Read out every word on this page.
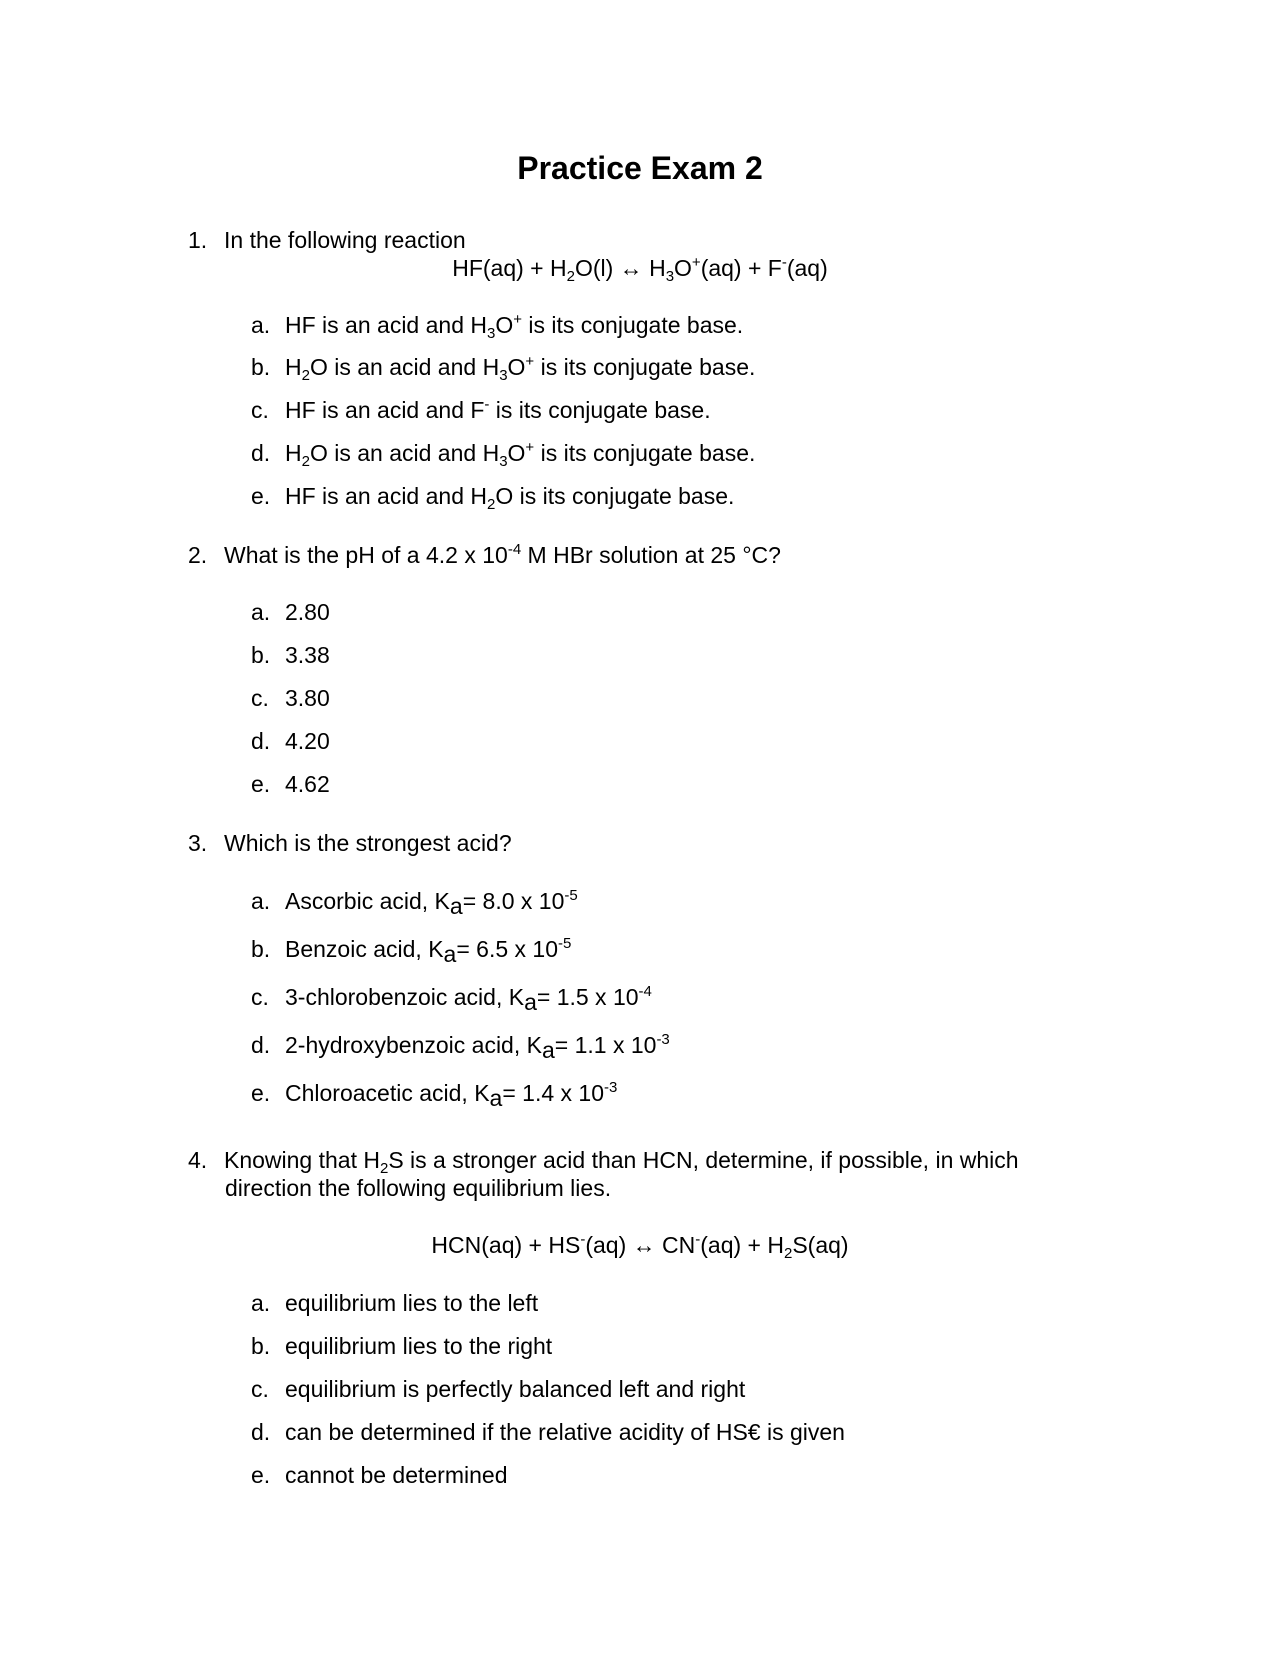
Practice Exam 2
1. In the following reaction
$HF(aq) + H_2O(l)$ ↔ $H_3O^+(aq) + F^-(aq)$
a. HF is an acid and $H_3O^+$ is its conjugate base.
b. $H_2O$ is an acid and $H_3O^+$ is its conjugate base.
c. HF is an acid and F- is its conjugate base.
d. $H_2O$ is an acid and $H_3O^+$ is its conjugate base.
e. HF is an acid and $H_2O$ is its conjugate base.
2. What is the pH of a 4.2 x $10^{-4}$ M HBr solution at 25 °C?
a. 2.80
b. 3.38
c. 3.80
d. 4.20
e. 4.62
3. Which is the strongest acid?
a. Ascorbic acid, $K_a= 8.0$ x $10^{-5}$
b. Benzoic acid, $K_a= 6.5$ x $10^{-5}$
c. 3-chlorobenzoic acid, $K_a= 1.5$ x $10^{-4}$
d. 2-hydroxybenzoic acid, $K_a= 1.1$ x $10^{-3}$
e. Chloroacetic acid, $K_a= 1.4$ x $10^{-3}$
4. Knowing that $H_2S$ is a stronger acid than HCN, determine, if possible, in which
direction the following equilibrium lies.
HCN(aq) + HS-(aq) ↔ $CN^-(aq) + H_2S(aq)$
a. equilibrium lies to the left
b. equilibrium lies to the right
c. equilibrium is perfectly balanced left and right
d. can be determined if the relative acidity of HS€ is given
e. cannot be determined
